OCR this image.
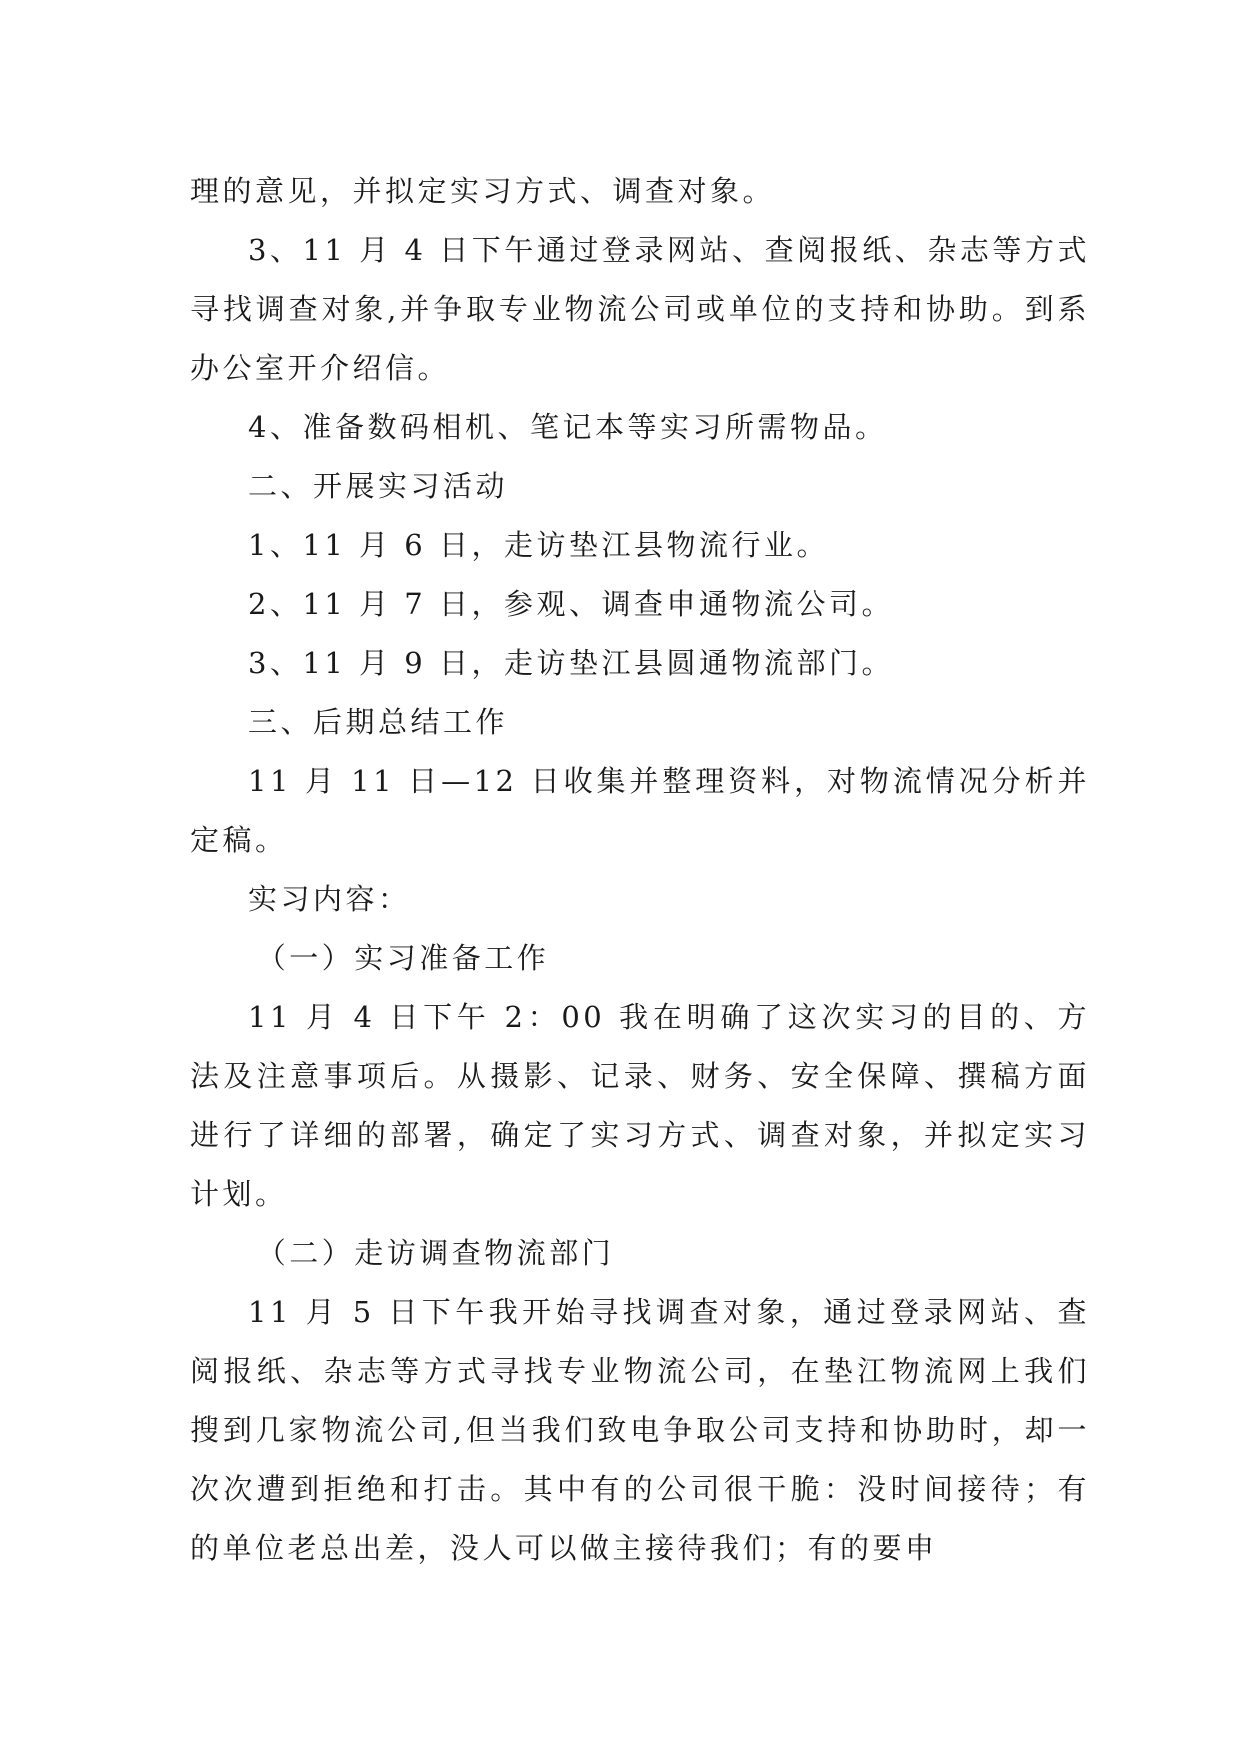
理的意见，并拟定实习方式、调查对象。

3、11 月 4 日下午通过登录网站、查阅报纸、杂志等方式寻找调查对象,并争取专业物流公司或单位的支持和协助。到系办公室开介绍信。

4、准备数码相机、笔记本等实习所需物品。

二、开展实习活动

1、11 月 6 日，走访垫江县物流行业。

2、11 月 7 日，参观、调查申通物流公司。

3、11 月 9 日，走访垫江县圆通物流部门。

三、后期总结工作

11 月 11 日—12 日收集并整理资料，对物流情况分析并定稿。

实习内容：

（一）实习准备工作

11 月 4 日下午 2：00 我在明确了这次实习的目的、方法及注意事项后。从摄影、记录、财务、安全保障、撰稿方面进行了详细的部署，确定了实习方式、调查对象，并拟定实习计划。

（二）走访调查物流部门

11 月 5 日下午我开始寻找调查对象，通过登录网站、查阅报纸、杂志等方式寻找专业物流公司，在垫江物流网上我们搜到几家物流公司,但当我们致电争取公司支持和协助时，却一次次遭到拒绝和打击。其中有的公司很干脆：没时间接待；有的单位老总出差，没人可以做主接待我们；有的要申
